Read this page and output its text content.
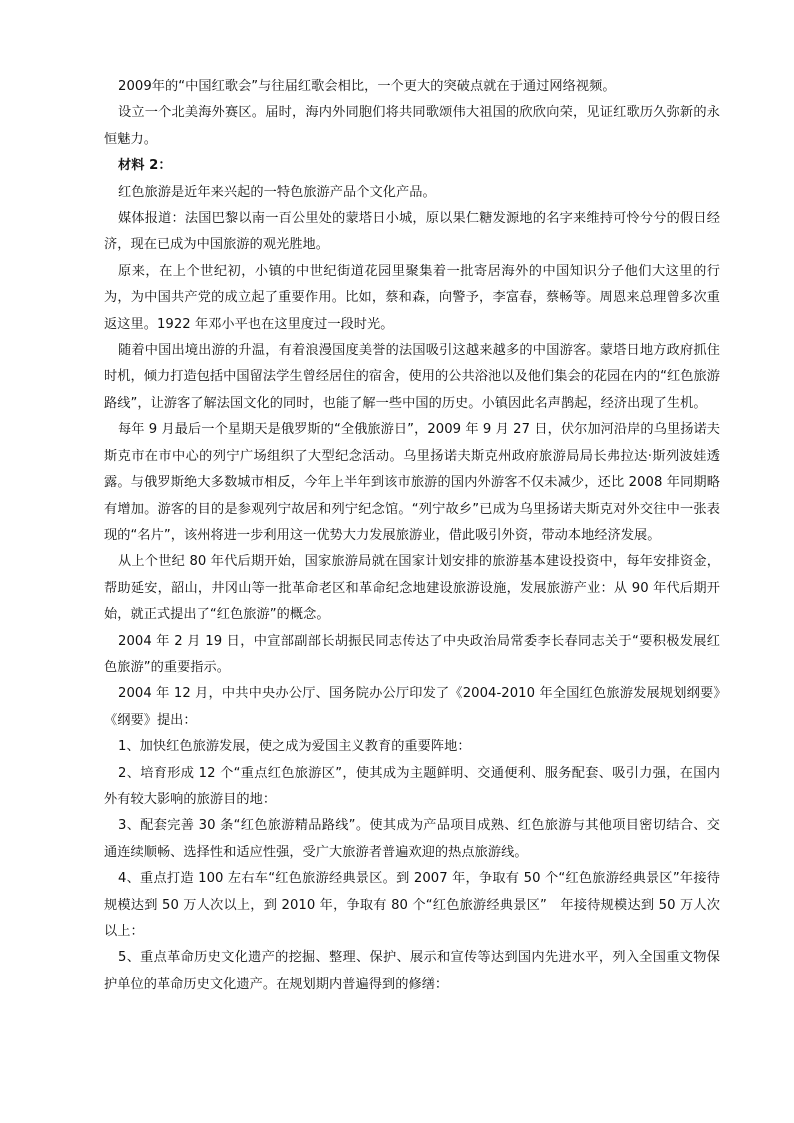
2009年的“中国红歌会”与往届红歌会相比，一个更大的突破点就在于通过网络视频。

设立一个北美海外赛区。届时，海内外同胞们将共同歌颂伟大祖国的欣欣向荣，见证红歌历久弥新的永恒魅力。

材料 2：

红色旅游是近年来兴起的一特色旅游产品个文化产品。

媒体报道：法国巴黎以南一百公里处的蒙塔日小城，原以果仁糖发源地的名字来维持可怜兮兮的假日经济，现在已成为中国旅游的观光胜地。

原来，在上个世纪初，小镇的中世纪街道花园里聚集着一批寄居海外的中国知识分子他们大这里的行为，为中国共产党的成立起了重要作用。比如，蔡和森，向警予，李富春，蔡畅等。周恩来总理曾多次重返这里。1922 年邓小平也在这里度过一段时光。

随着中国出境出游的升温，有着浪漫国度美誉的法国吸引这越来越多的中国游客。蒙塔日地方政府抓住时机，倾力打造包括中国留法学生曾经居住的宿舍，使用的公共浴池以及他们集会的花园在内的“红色旅游路线”，让游客了解法国文化的同时，也能了解一些中国的历史。小镇因此名声鹊起，经济出现了生机。

每年 9 月最后一个星期天是俄罗斯的“全俄旅游日”，2009 年 9 月 27 日，伏尔加河沿岸的乌里扬诺夫斯克市在市中心的列宁广场组织了大型纪念活动。乌里扬诺夫斯克州政府旅游局局长弗拉达·斯列波娃透露。与俄罗斯绝大多数城市相反，今年上半年到该市旅游的国内外游客不仅未减少，还比 2008 年同期略有增加。游客的目的是参观列宁故居和列宁纪念馆。“列宁故乡”已成为乌里扬诺夫斯克对外交往中一张表现的“名片”，该州将进一步利用这一优势大力发展旅游业，借此吸引外资，带动本地经济发展。

从上个世纪 80 年代后期开始，国家旅游局就在国家计划安排的旅游基本建设投资中，每年安排资金，帮助延安，韶山，井冈山等一批革命老区和革命纪念地建设旅游设施，发展旅游产业：从 90 年代后期开始，就正式提出了“红色旅游”的概念。

2004 年 2 月 19 日，中宣部副部长胡振民同志传达了中央政治局常委李长春同志关于“要积极发展红色旅游”的重要指示。

2004 年 12 月，中共中央办公厅、国务院办公厅印发了《2004-2010 年全国红色旅游发展规划纲要》《纲要》提出：

1、加快红色旅游发展，使之成为爱国主义教育的重要阵地：

2、培育形成 12 个“重点红色旅游区”，使其成为主题鲜明、交通便利、服务配套、吸引力强，在国内外有较大影响的旅游目的地：

3、配套完善 30 条“红色旅游精品路线”。使其成为产品项目成熟、红色旅游与其他项目密切结合、交通连续顺畅、选择性和适应性强，受广大旅游者普遍欢迎的热点旅游线。

4、重点打造 100 左右车“红色旅游经典景区。到 2007 年，争取有 50 个“红色旅游经典景区”年接待规模达到 50 万人次以上，到 2010 年，争取有 80 个“红色旅游经典景区”　年接待规模达到 50 万人次以上：

5、重点革命历史文化遗产的挖掘、整理、保护、展示和宣传等达到国内先进水平，列入全国重文物保护单位的革命历史文化遗产。在规划期内普遍得到的修缮：
